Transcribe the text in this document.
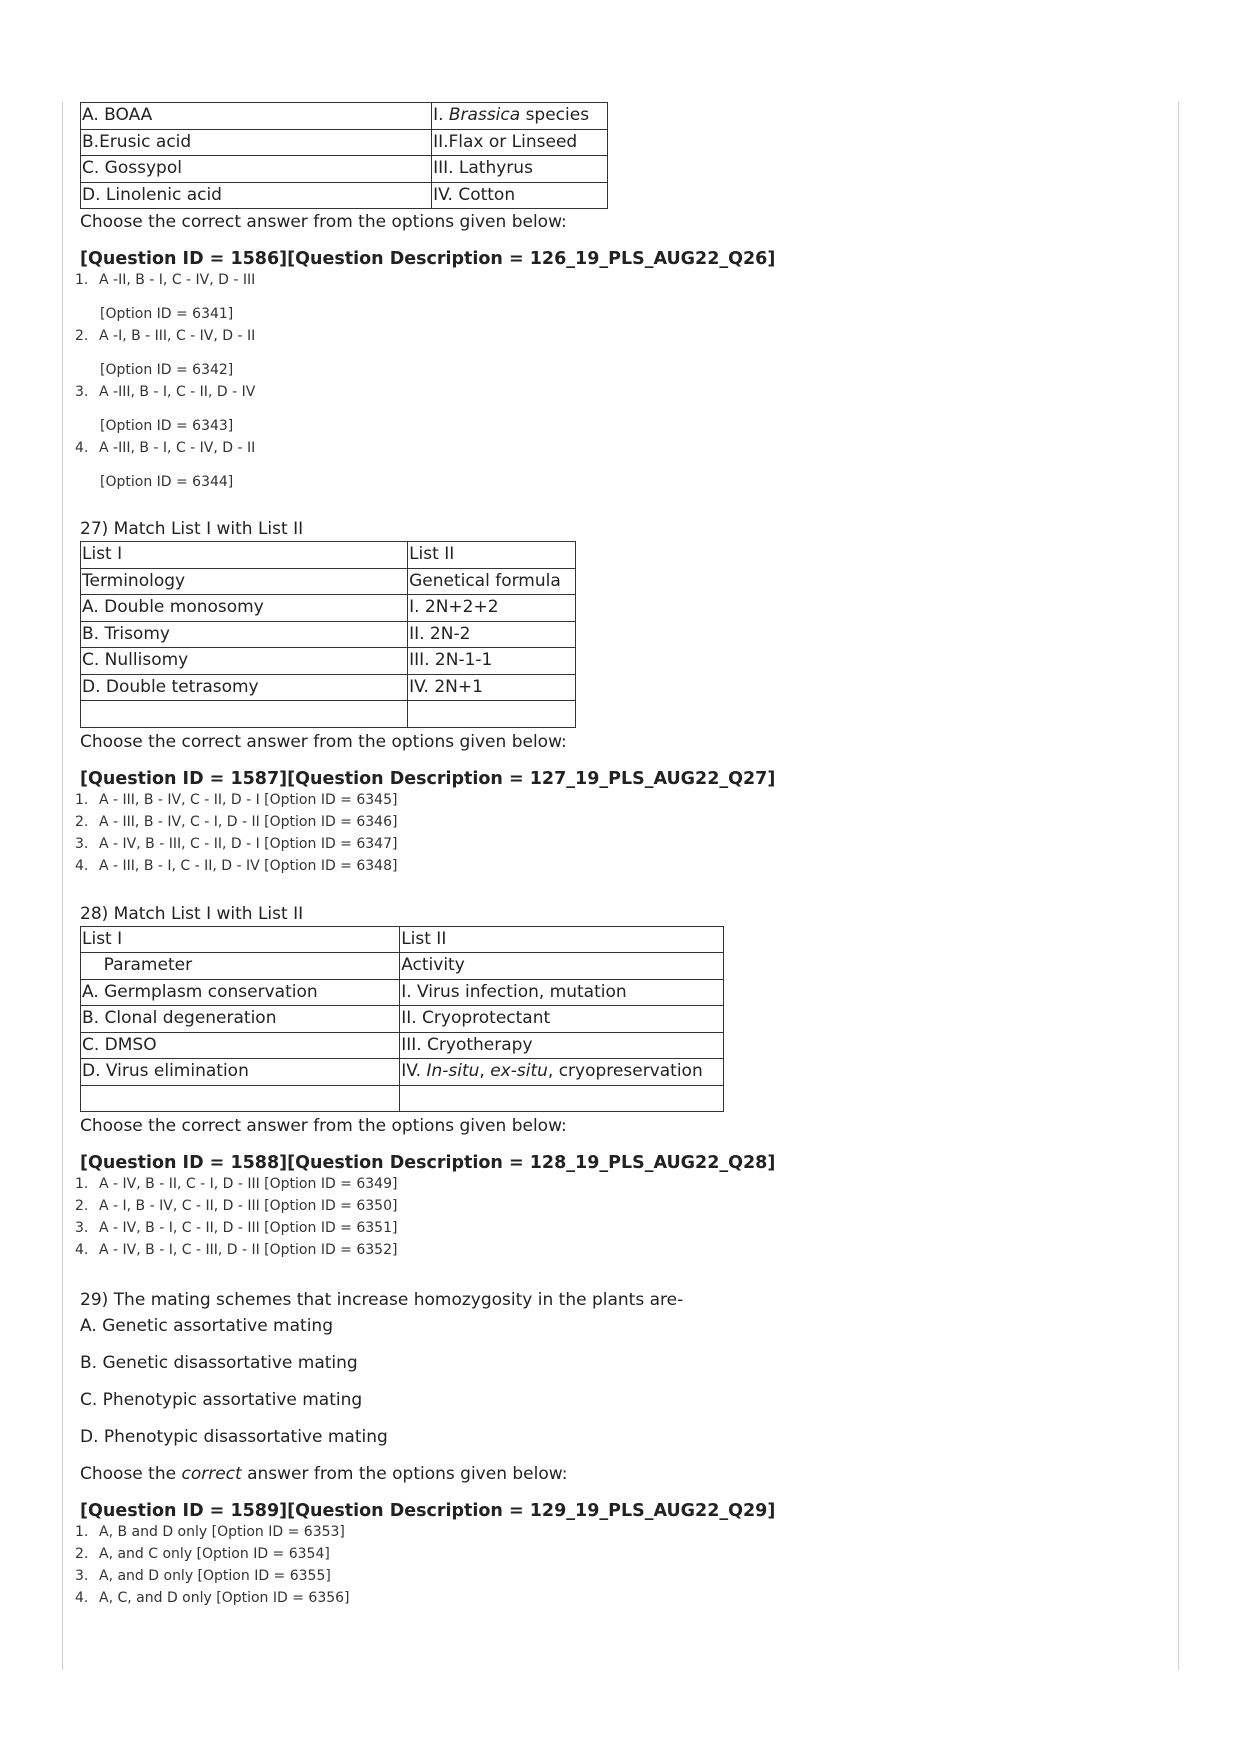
A. BOAA	I. Brassica species
B.Erusic acid	II.Flax or Linseed
C. Gossypol	III. Lathyrus
D. Linolenic acid	IV. Cotton

Choose the correct answer from the options given below:

[Question ID = 1586][Question Description = 126_19_PLS_AUG22_Q26]

1. A -II, B - I, C - IV, D - III
[Option ID = 6341]
2. A -I, B - III, C - IV, D - II
[Option ID = 6342]
3. A -III, B - I, C - II, D - IV
[Option ID = 6343]
4. A -III, B - I, C - IV, D - II
[Option ID = 6344]

27) Match List I with List II

List I	List II
Terminology	Genetical formula
A. Double monosomy	I. 2N+2+2
B. Trisomy	II. 2N-2
C. Nullisomy	III. 2N-1-1
D. Double tetrasomy	IV. 2N+1

Choose the correct answer from the options given below:

[Question ID = 1587][Question Description = 127_19_PLS_AUG22_Q27]

1. A - III, B - IV, C - II, D - I [Option ID = 6345]
2. A - III, B - IV, C - I, D - II [Option ID = 6346]
3. A - IV, B - III, C - II, D - I [Option ID = 6347]
4. A - III, B - I, C - II, D - IV [Option ID = 6348]

28) Match List I with List II

List I	List II
Parameter	Activity
A. Germplasm conservation	I. Virus infection, mutation
B. Clonal degeneration	II. Cryoprotectant
C. DMSO	III. Cryotherapy
D. Virus elimination	IV. In-situ, ex-situ, cryopreservation

Choose the correct answer from the options given below:

[Question ID = 1588][Question Description = 128_19_PLS_AUG22_Q28]

1. A - IV, B - II, C - I, D - III [Option ID = 6349]
2. A - I, B - IV, C - II, D - III [Option ID = 6350]
3. A - IV, B - I, C - II, D - III [Option ID = 6351]
4. A - IV, B - I, C - III, D - II [Option ID = 6352]

29) The mating schemes that increase homozygosity in the plants are-

A. Genetic assortative mating

B. Genetic disassortative mating

C. Phenotypic assortative mating

D. Phenotypic disassortative mating

Choose the correct answer from the options given below:

[Question ID = 1589][Question Description = 129_19_PLS_AUG22_Q29]

1. A, B and D only [Option ID = 6353]
2. A, and C only [Option ID = 6354]
3. A, and D only [Option ID = 6355]
4. A, C, and D only [Option ID = 6356]
